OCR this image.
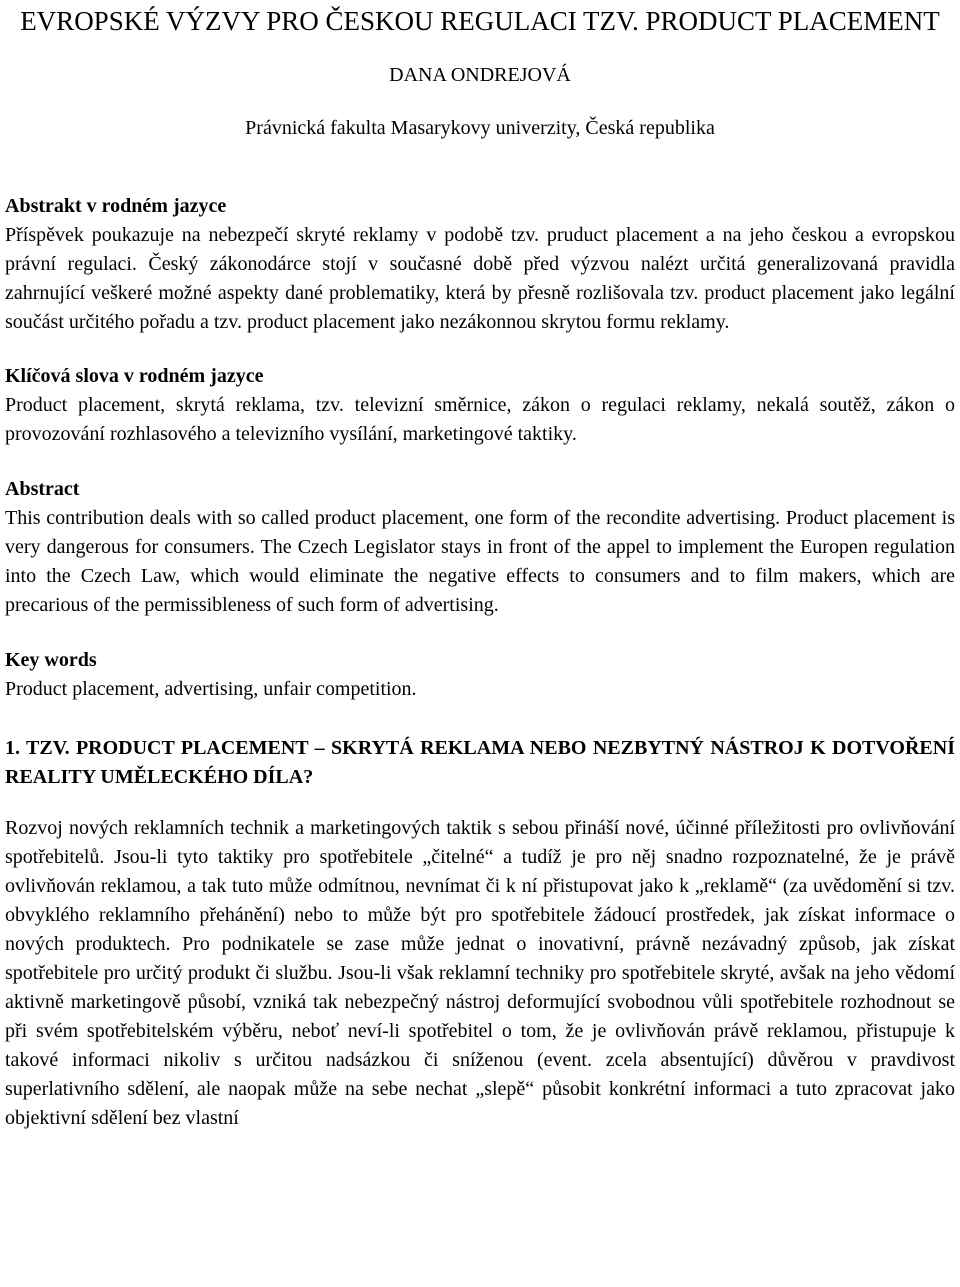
EVROPSKÉ VÝZVY PRO ČESKOU REGULACI TZV. PRODUCT PLACEMENT
DANA ONDREJOVÁ
Právnická fakulta Masarykovy univerzity, Česká republika
Abstrakt v rodném jazyce

Příspěvek poukazuje na nebezpečí skryté reklamy v podobě tzv. pruduct placement a na jeho českou a evropskou právní regulaci. Český zákonodárce stojí v současné době před výzvou nalézt určitá generalizovaná pravidla zahrnující veškeré možné aspekty dané problematiky, která by přesně rozlišovala tzv. product placement jako legální součást určitého pořadu a tzv. product placement jako nezákonnou skrytou formu reklamy.

Klíčová slova v rodném jazyce

Product placement, skrytá reklama, tzv. televizní směrnice, zákon o regulaci reklamy, nekalá soutěž, zákon o provozování rozhlasového a televizního vysílání, marketingové taktiky.

Abstract

This contribution deals with so called product placement, one form of the recondite advertising. Product placement is very dangerous for consumers. The Czech Legislator stays in front of the appel to implement the Europen regulation into the Czech Law, which would eliminate the negative effects to consumers and to film makers, which are precarious of the permissibleness of such form of advertising.

Key words

Product placement, advertising, unfair competition.

1. TZV. PRODUCT PLACEMENT – SKRYTÁ REKLAMA NEBO NEZBYTNÝ NÁSTROJ K DOTVOŘENÍ REALITY UMĚLECKÉHO DÍLA?

Rozvoj nových reklamních technik a marketingových taktik s sebou přináší nové, účinné příležitosti pro ovlivňování spotřebitelů. Jsou-li tyto taktiky pro spotřebitele „čitelné“ a tudíž je pro něj snadno rozpoznatelné, že je právě ovlivňován reklamou, a tak tuto může odmítnou, nevnímat či k ní přistupovat jako k „reklamě“ (za uvědomění si tzv. obvyklého reklamního přehánění) nebo to může být pro spotřebitele žádoucí prostředek, jak získat informace o nových produktech. Pro podnikatele se zase může jednat o inovativní, právně nezávadný způsob, jak získat spotřebitele pro určitý produkt či službu. Jsou-li však reklamní techniky pro spotřebitele skryté, avšak na jeho vědomí aktivně marketingově působí, vzniká tak nebezpečný nástroj deformující svobodnou vůli spotřebitele rozhodnout se při svém spotřebitelském výběru, neboť neví-li spotřebitel o tom, že je ovlivňován právě reklamou, přistupuje k takové informaci nikoliv s určitou nadsázkou či sníženou (event. zcela absentující) důvěrou v pravdivost superlativního sdělení, ale naopak může na sebe nechat „slepě“ působit konkrétní informaci a tuto zpracovat jako objektivní sdělení bez vlastní
